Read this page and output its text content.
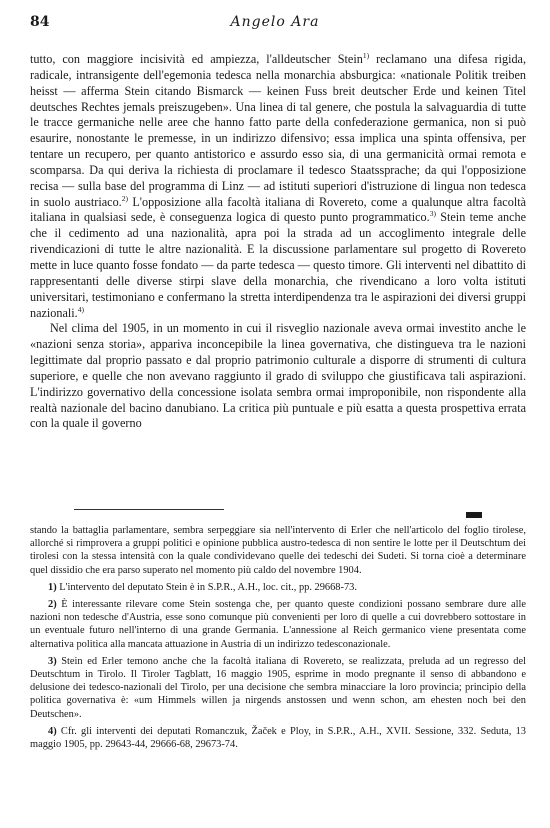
84	Angelo Ara

tutto, con maggiore incisività ed ampiezza, l'alldeutscher Stein$^{1)}$ reclamano una difesa rigida, radicale, intransigente dell'egemonia tedesca nella monarchia absburgica: «nationale Politik treiben heisst — afferma Stein citando Bismarck — keinen Fuss breit deutscher Erde und keinen Titel deutsches Rechtes jemals preiszugeben». Una linea di tal genere, che postula la salvaguardia di tutte le tracce germaniche nelle aree che hanno fatto parte della confederazione germanica, non si può esaurire, nonostante le premesse, in un indirizzo difensivo; essa implica una spinta offensiva, per tentare un recupero, per quanto antistorico e assurdo esso sia, di una germanicità ormai remota e scomparsa. Da qui deriva la richiesta di proclamare il tedesco Staatssprache; da qui l'opposizione recisa — sulla base del programma di Linz — ad istituti superiori d'istruzione di lingua non tedesca in suolo austriaco.$^{2)}$ L'opposizione alla facoltà italiana di Rovereto, come a qualunque altra facoltà italiana in qualsiasi sede, è conseguenza logica di questo punto programmatico.$^{3)}$ Stein teme anche che il cedimento ad una nazionalità, apra poi la strada ad un accoglimento integrale delle rivendicazioni di tutte le altre nazionalità. E la discussione parlamentare sul progetto di Rovereto mette in luce quanto fosse fondato — da parte tedesca — questo timore. Gli interventi nel dibattito di rappresentanti delle diverse stirpi slave della monarchia, che rivendicano a loro volta istituti universitari, testimoniano e confermano la stretta interdipendenza tra le aspirazioni dei diversi gruppi nazionali.$^{4)}$

Nel clima del 1905, in un momento in cui il risveglio nazionale aveva ormai investito anche le «nazioni senza storia», appariva inconcepibile la linea governativa, che distingueva tra le nazioni legittimate dal proprio passato e dal proprio patrimonio culturale a disporre di strumenti di cultura superiore, e quelle che non avevano raggiunto il grado di sviluppo che giustificava tali aspirazioni. L'indirizzo governativo della concessione isolata sembra ormai improponibile, non rispondente alla realtà nazionale del bacino danubiano. La critica più puntuale e più esatta a questa prospettiva errata con la quale il governo

stando la battaglia parlamentare, sembra serpeggiare sia nell'intervento di Erler che nell'articolo del foglio tirolese, allorché si rimprovera a gruppi politici e opinione pubblica austro-tedesca di non sentire le lotte per il Deutschtum dei tirolesi con la stessa intensità con la quale condividevano quelle dei tedeschi dei Sudeti. Si torna cioè a determinare quel dissidio che era parso superato nel momento più caldo del novembre 1904.

1) L'intervento del deputato Stein è in S.P.R., A.H., loc. cit., pp. 29668-73.

2) È interessante rilevare come Stein sostenga che, per quanto queste condizioni possano sembrare dure alle nazioni non tedesche d'Austria, esse sono comunque più convenienti per loro di quelle a cui dovrebbero sottostare in un eventuale futuro nell'interno di una grande Germania. L'annessione al Reich germanico viene presentata come alternativa politica alla mancata attuazione in Austria di un indirizzo tedesconazionale.

3) Stein ed Erler temono anche che la facoltà italiana di Rovereto, se realizzata, preluda ad un regresso del Deutschtum in Tirolo. Il Tiroler Tagblatt, 16 maggio 1905, esprime in modo pregnante il senso di abbandono e delusione dei tedesco-nazionali del Tirolo, per una decisione che sembra minacciare la loro provincia; principio della politica governativa è: «um Himmels willen ja nirgends anstossen und wenn schon, am ehesten noch bei den Deutschen».

4) Cfr. gli interventi dei deputati Romanczuk, Žaček e Ploy, in S.P.R., A.H., XVII. Sessione, 332. Seduta, 13 maggio 1905, pp. 29643-44, 29666-68, 29673-74.
